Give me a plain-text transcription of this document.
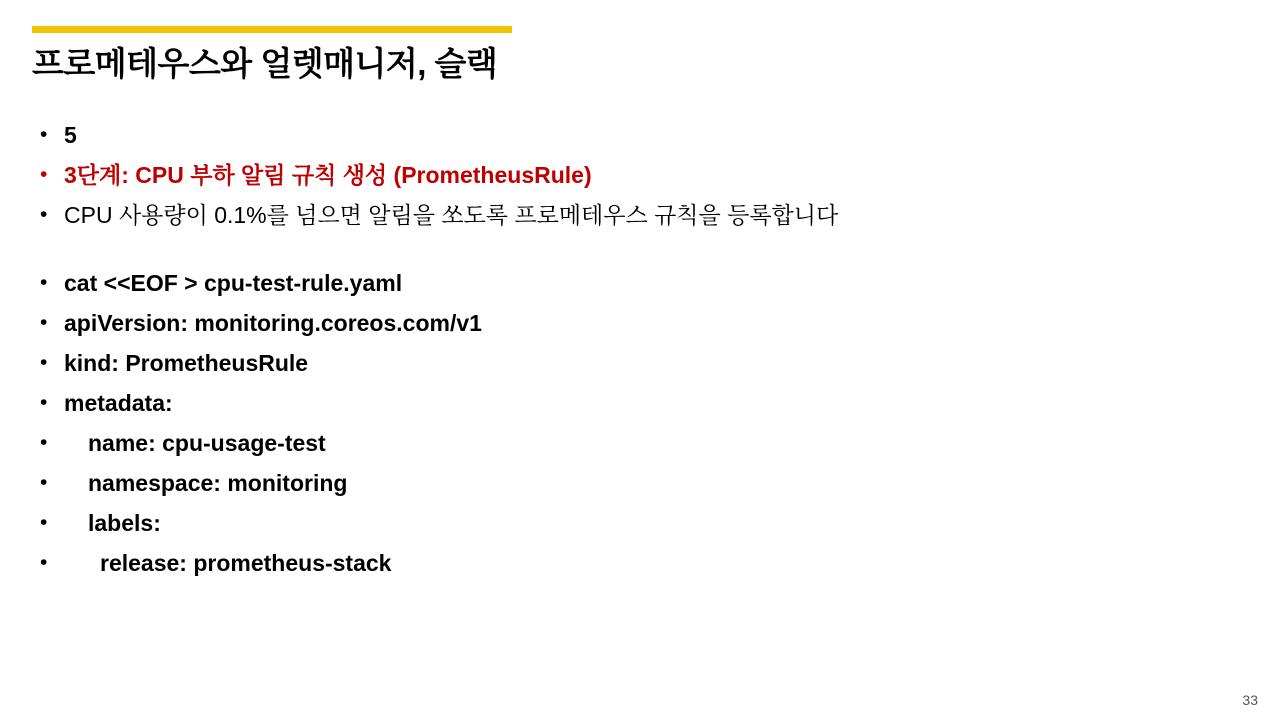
프로메테우스와 얼렛매니저, 슬랙
• 5
• 3단계: CPU 부하 알림 규칙 생성 (PrometheusRule)
• CPU 사용량이 0.1%를 넘으면 알림을 쏘도록 프로메테우스 규칙을 등록합니다
• cat <<EOF > cpu-test-rule.yaml
• apiVersion: monitoring.coreos.com/v1
• kind: PrometheusRule
• metadata:
•	name: cpu-usage-test
•	namespace: monitoring
•	labels:
•	release: prometheus-stack
33
